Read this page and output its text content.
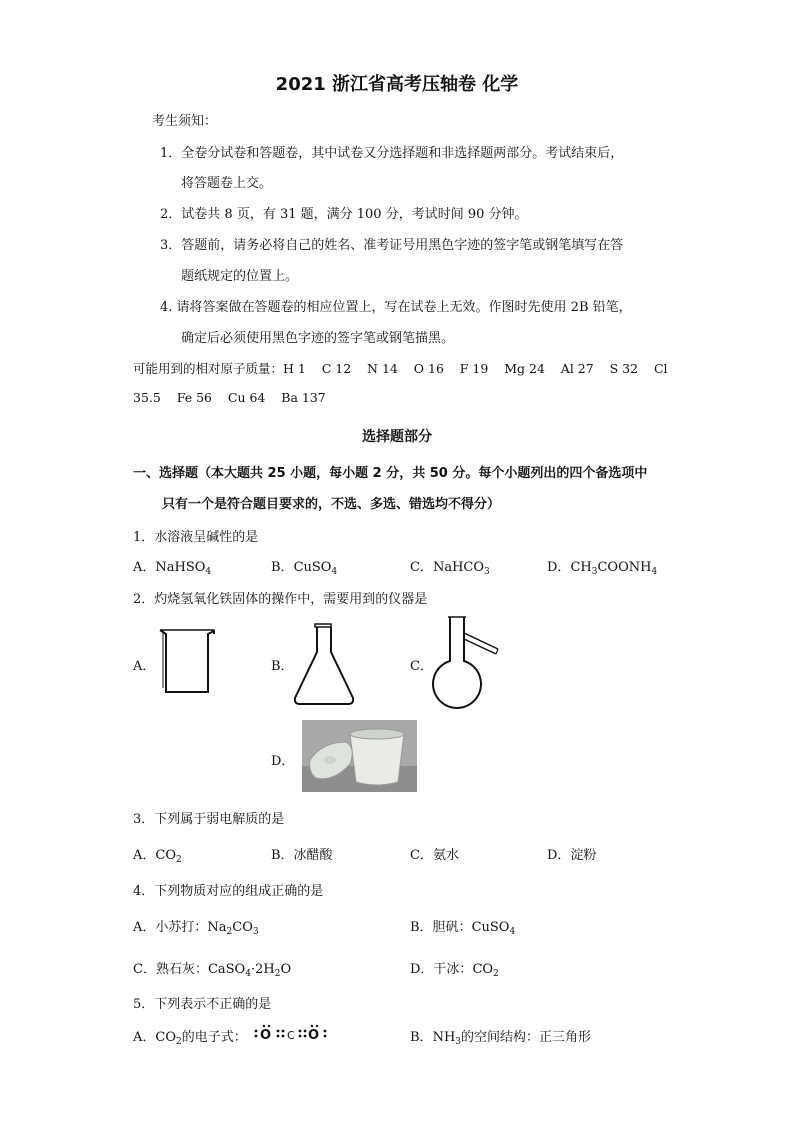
2021 浙江省高考压轴卷 化学
考生须知：
1．全卷分试卷和答题卷，其中试卷又分选择题和非选择题两部分。考试结束后，
将答题卷上交。
2．试卷共 8 页，有 31 题，满分 100 分，考试时间 90 分钟。
3．答题前，请务必将自己的姓名、准考证号用黑色字迹的签字笔或钢笔填写在答
题纸规定的位置上。
4. 请将答案做在答题卷的相应位置上，写在试卷上无效。作图时先使用 2B 铅笔，
确定后必须使用黑色字迹的签字笔或钢笔描黑。
可能用到的相对原子质量：H 1    C 12    N 14    O 16    F 19    Mg 24    Al 27    S 32    Cl
35.5    Fe 56    Cu 64    Ba 137
选择题部分
一、选择题（本大题共 25 小题，每小题 2 分，共 50 分。每个小题列出的四个备选项中
只有一个是符合题目要求的，不选、多选、错选均不得分）
1．水溶液呈碱性的是
A．NaHSO$_4$	B．CuSO$_4$	C．NaHCO$_3$	D．$CH_3COONH_4$
2．灼烧氢氧化铁固体的操作中，需要用到的仪器是
A．	B．	C．
D．
3．下列属于弱电解质的是
A．$CO_2$	B．冰醋酸	C．氨水	D．淀粉
4．下列物质对应的组成正确的是
A．小苏打：$Na_2CO_3$	B．胆矾：CuSO$_4$
C．熟石灰：$CaSO_4\cdot 2H_2O$	D．干冰：$CO_2$
5．下列表示不正确的是
A．$CO_2$的电子式： O C O	B．$NH_3$的空间结构：正三角形
